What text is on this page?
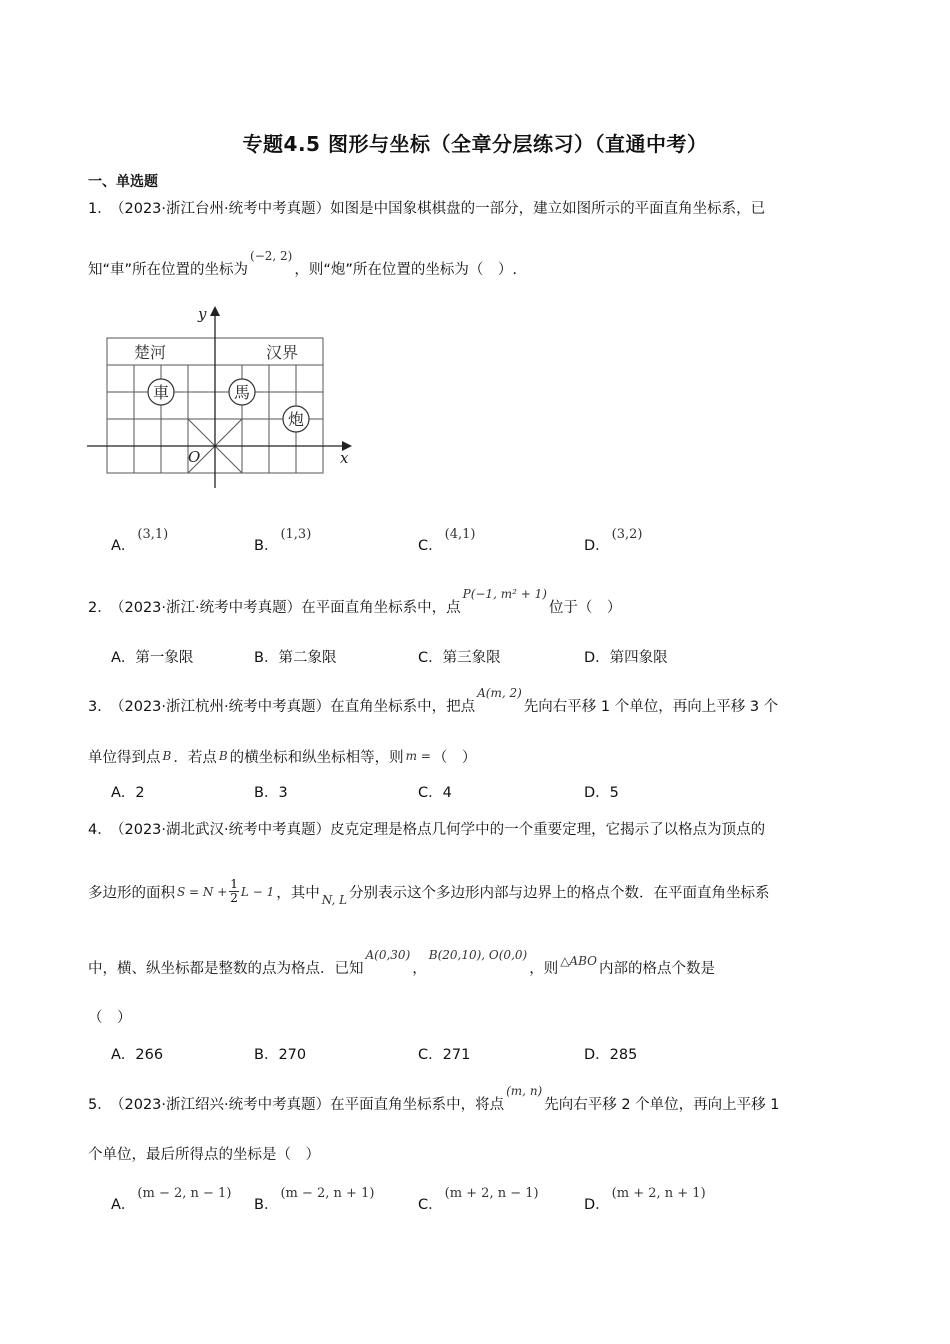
专题4.5 图形与坐标（全章分层练习）（直通中考）
一、单选题
1．（2023·浙江台州·统考中考真题）如图是中国象棋棋盘的一部分，建立如图所示的平面直角坐标系，已
知“車”所在位置的坐标为$^{(-2, 2)}$，则“炮”所在位置的坐标为（　）.
y
x
O
楚河	汉界
車	馬
炮
A．(3,1)
B．(1,3)
C．(4,1)
D．(3,2)
2．（2023·浙江·统考中考真题）在平面直角坐标系中，点$^{P(-1, m^2 + 1)}$位于（　）
A．第一象限	B．第二象限	C．第三象限	D．第四象限
3．（2023·浙江杭州·统考中考真题）在直角坐标系中，把点$^{A(m, 2)}$先向右平移 1 个单位，再向上平移 3 个
单位得到点 B ．若点 B 的横坐标和纵坐标相等，则 m = （　）
A．2	B．3	C．4	D．5
4．（2023·湖北武汉·统考中考真题）皮克定理是格点几何学中的一个重要定理，它揭示了以格点为顶点的
多边形的面积 $S = N + \frac{1}{2}$ L − 1 ，其中 $_{N, L}$ 分别表示这个多边形内部与边界上的格点个数．在平面直角坐标系
中，横、纵坐标都是整数的点为格点．已知$^{A(0,30)}$，$^{B(20,10), O(0,0)}$，则 $^{\triangle ABO}$ 内部的格点个数是
（　）
A．266	B．270	C．271	D．285
5．（2023·浙江绍兴·统考中考真题）在平面直角坐标系中，将点$^{(m, n)}$先向右平移 2 个单位，再向上平移 1
个单位，最后所得点的坐标是（　）
A．(m − 2, n − 1)
B．(m − 2, n + 1)
C．(m + 2, n − 1)
D．(m + 2, n + 1)
